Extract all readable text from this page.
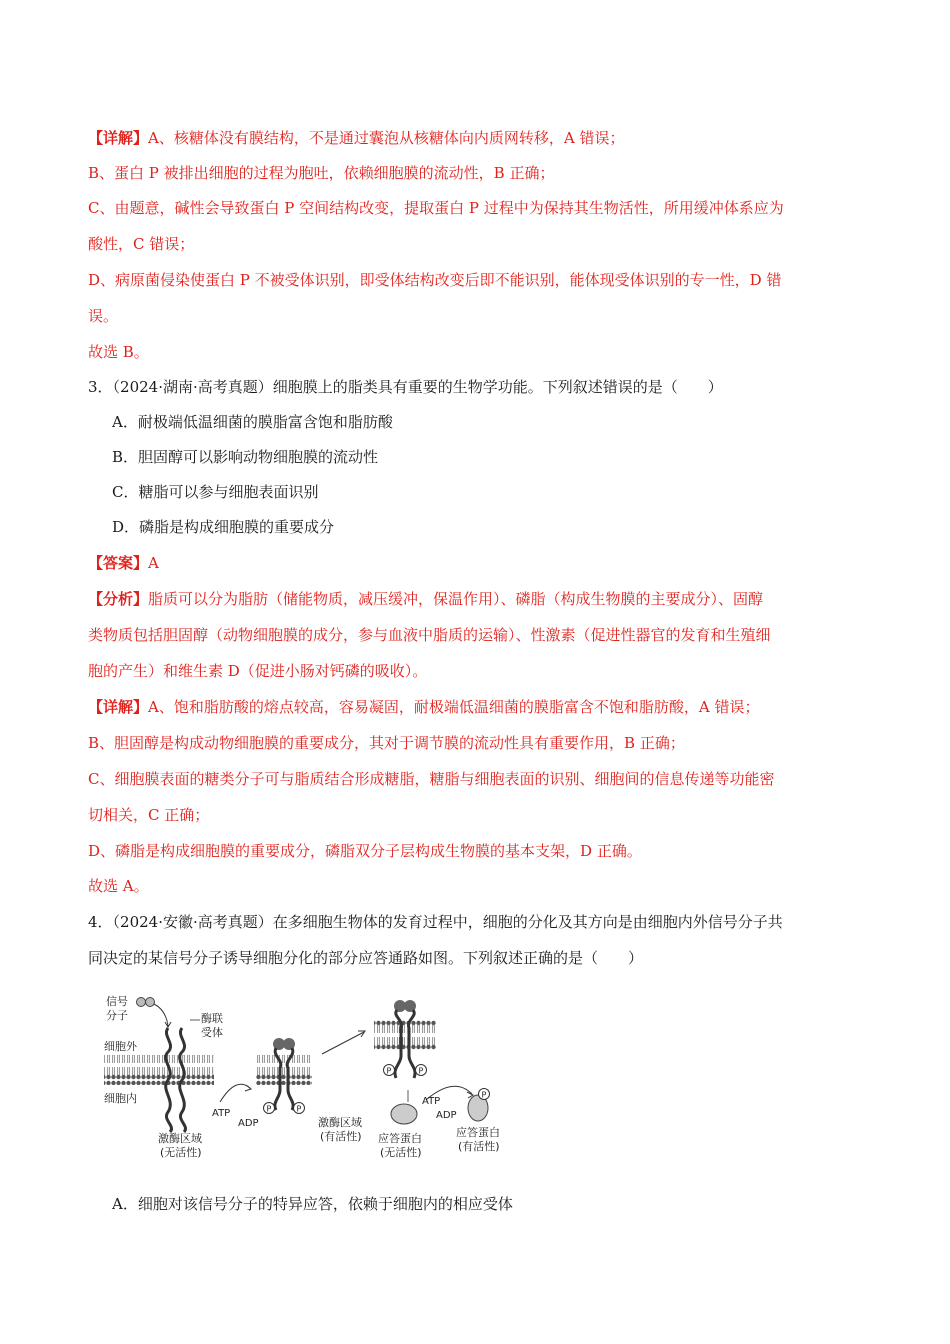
【详解】A、核糖体没有膜结构，不是通过囊泡从核糖体向内质网转移，A 错误；
B、蛋白 P 被排出细胞的过程为胞吐，依赖细胞膜的流动性，B 正确；
C、由题意，碱性会导致蛋白 P 空间结构改变，提取蛋白 P 过程中为保持其生物活性，所用缓冲体系应为
酸性，C 错误；
D、病原菌侵染使蛋白 P 不被受体识别，即受体结构改变后即不能识别，能体现受体识别的专一性，D 错
误。
故选 B。
3．（2024·湖南·高考真题）细胞膜上的脂类具有重要的生物学功能。下列叙述错误的是（　　）
A．耐极端低温细菌的膜脂富含饱和脂肪酸
B．胆固醇可以影响动物细胞膜的流动性
C．糖脂可以参与细胞表面识别
D．磷脂是构成细胞膜的重要成分
【答案】A
【分析】脂质可以分为脂肪（储能物质，减压缓冲，保温作用）、磷脂（构成生物膜的主要成分）、固醇
类物质包括胆固醇（动物细胞膜的成分，参与血液中脂质的运输）、性激素（促进性器官的发育和生殖细
胞的产生）和维生素 D（促进小肠对钙磷的吸收）。
【详解】A、饱和脂肪酸的熔点较高，容易凝固，耐极端低温细菌的膜脂富含不饱和脂肪酸，A 错误；
B、胆固醇是构成动物细胞膜的重要成分，其对于调节膜的流动性具有重要作用，B 正确；
C、细胞膜表面的糖类分子可与脂质结合形成糖脂，糖脂与细胞表面的识别、细胞间的信息传递等功能密
切相关，C 正确；
D、磷脂是构成细胞膜的重要成分，磷脂双分子层构成生物膜的基本支架，D 正确。
故选 A。
4．（2024·安徽·高考真题）在多细胞生物体的发育过程中，细胞的分化及其方向是由细胞内外信号分子共
同决定的某信号分子诱导细胞分化的部分应答通路如图。下列叙述正确的是（　　）
信号
分子	酶联
受体
细胞外
细胞内
ATP
ADP
P	P
P	P
P
激酶区域
(无活性)
激酶区域
(有活性)
ATP
ADP
应答蛋白
(无活性)
应答蛋白
(有活性)
A．细胞对该信号分子的特异应答，依赖于细胞内的相应受体
